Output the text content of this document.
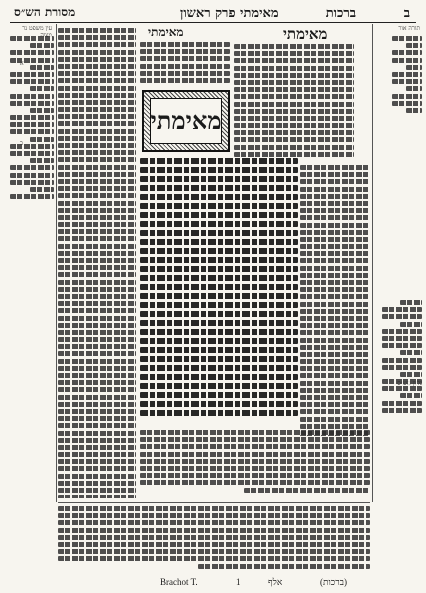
מסורת הש״ס	מאימתי פרק ראשון	ברכות	ב
עין משפט נר
א
ב
תורה אור
מאימתי
מאימתי
מאימתי
Brachot T.	1	אלף	(ברכות)
